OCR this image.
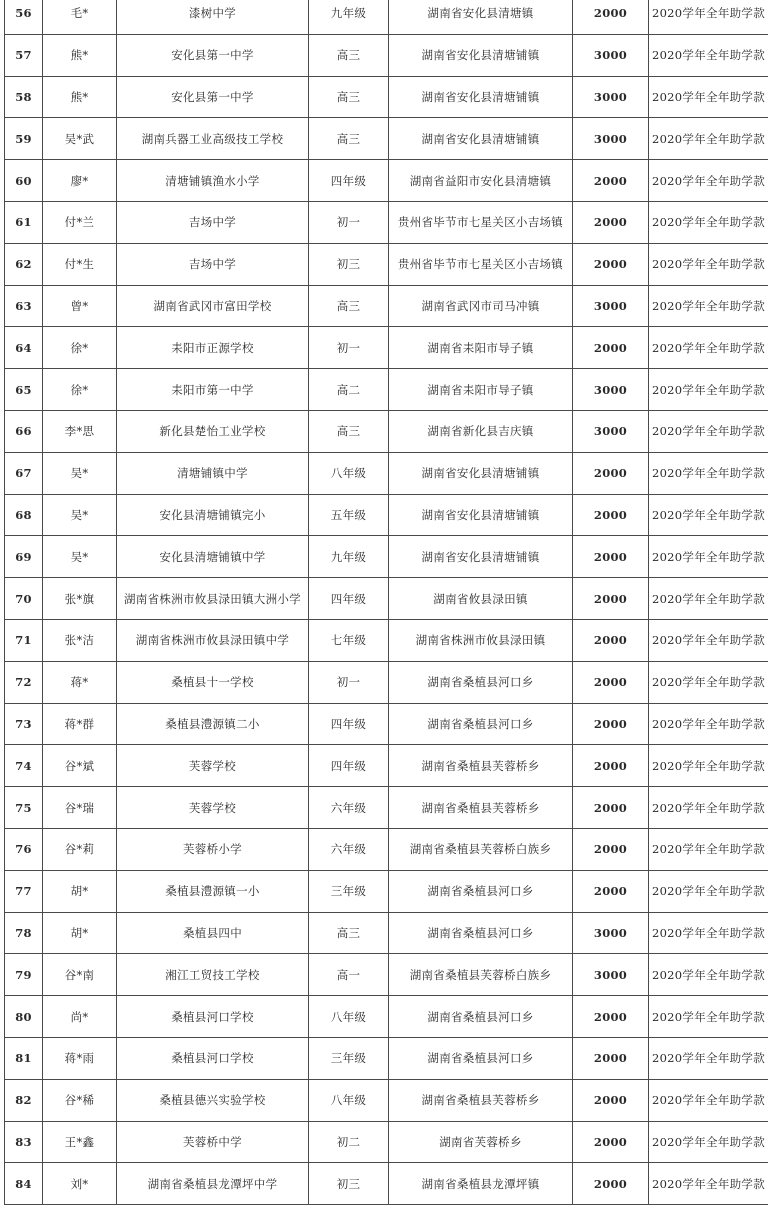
56	毛*	漆树中学	九年级	湖南省安化县清塘镇	2000	2020学年全年助学款
57	熊*	安化县第一中学	高三	湖南省安化县清塘铺镇	3000	2020学年全年助学款
58	熊*	安化县第一中学	高三	湖南省安化县清塘铺镇	3000	2020学年全年助学款
59	吴*武	湖南兵器工业高级技工学校	高三	湖南省安化县清塘铺镇	3000	2020学年全年助学款
60	廖*	清塘铺镇渔水小学	四年级	湖南省益阳市安化县清塘镇	2000	2020学年全年助学款
61	付*兰	吉场中学	初一	贵州省毕节市七星关区小吉场镇	2000	2020学年全年助学款
62	付*生	吉场中学	初三	贵州省毕节市七星关区小吉场镇	2000	2020学年全年助学款
63	曾*	湖南省武冈市富田学校	高三	湖南省武冈市司马冲镇	3000	2020学年全年助学款
64	徐*	耒阳市正源学校	初一	湖南省耒阳市导子镇	2000	2020学年全年助学款
65	徐*	耒阳市第一中学	高二	湖南省耒阳市导子镇	3000	2020学年全年助学款
66	李*思	新化县楚怡工业学校	高三	湖南省新化县吉庆镇	3000	2020学年全年助学款
67	吴*	清塘铺镇中学	八年级	湖南省安化县清塘铺镇	2000	2020学年全年助学款
68	吴*	安化县清塘铺镇完小	五年级	湖南省安化县清塘铺镇	2000	2020学年全年助学款
69	吴*	安化县清塘铺镇中学	九年级	湖南省安化县清塘铺镇	2000	2020学年全年助学款
70	张*旗	湖南省株洲市攸县渌田镇大洲小学	四年级	湖南省攸县渌田镇	2000	2020学年全年助学款
71	张*洁	湖南省株洲市攸县渌田镇中学	七年级	湖南省株洲市攸县渌田镇	2000	2020学年全年助学款
72	蒋*	桑植县十一学校	初一	湖南省桑植县河口乡	2000	2020学年全年助学款
73	蒋*群	桑植县澧源镇二小	四年级	湖南省桑植县河口乡	2000	2020学年全年助学款
74	谷*斌	芙蓉学校	四年级	湖南省桑植县芙蓉桥乡	2000	2020学年全年助学款
75	谷*瑞	芙蓉学校	六年级	湖南省桑植县芙蓉桥乡	2000	2020学年全年助学款
76	谷*莉	芙蓉桥小学	六年级	湖南省桑植县芙蓉桥白族乡	2000	2020学年全年助学款
77	胡*	桑植县澧源镇一小	三年级	湖南省桑植县河口乡	2000	2020学年全年助学款
78	胡*	桑植县四中	高三	湖南省桑植县河口乡	3000	2020学年全年助学款
79	谷*南	湘江工贸技工学校	高一	湖南省桑植县芙蓉桥白族乡	3000	2020学年全年助学款
80	尚*	桑植县河口学校	八年级	湖南省桑植县河口乡	2000	2020学年全年助学款
81	蒋*雨	桑植县河口学校	三年级	湖南省桑植县河口乡	2000	2020学年全年助学款
82	谷*稀	桑植县德兴实验学校	八年级	湖南省桑植县芙蓉桥乡	2000	2020学年全年助学款
83	王*鑫	芙蓉桥中学	初二	湖南省芙蓉桥乡	2000	2020学年全年助学款
84	刘*	湖南省桑植县龙潭坪中学	初三	湖南省桑植县龙潭坪镇	2000	2020学年全年助学款
